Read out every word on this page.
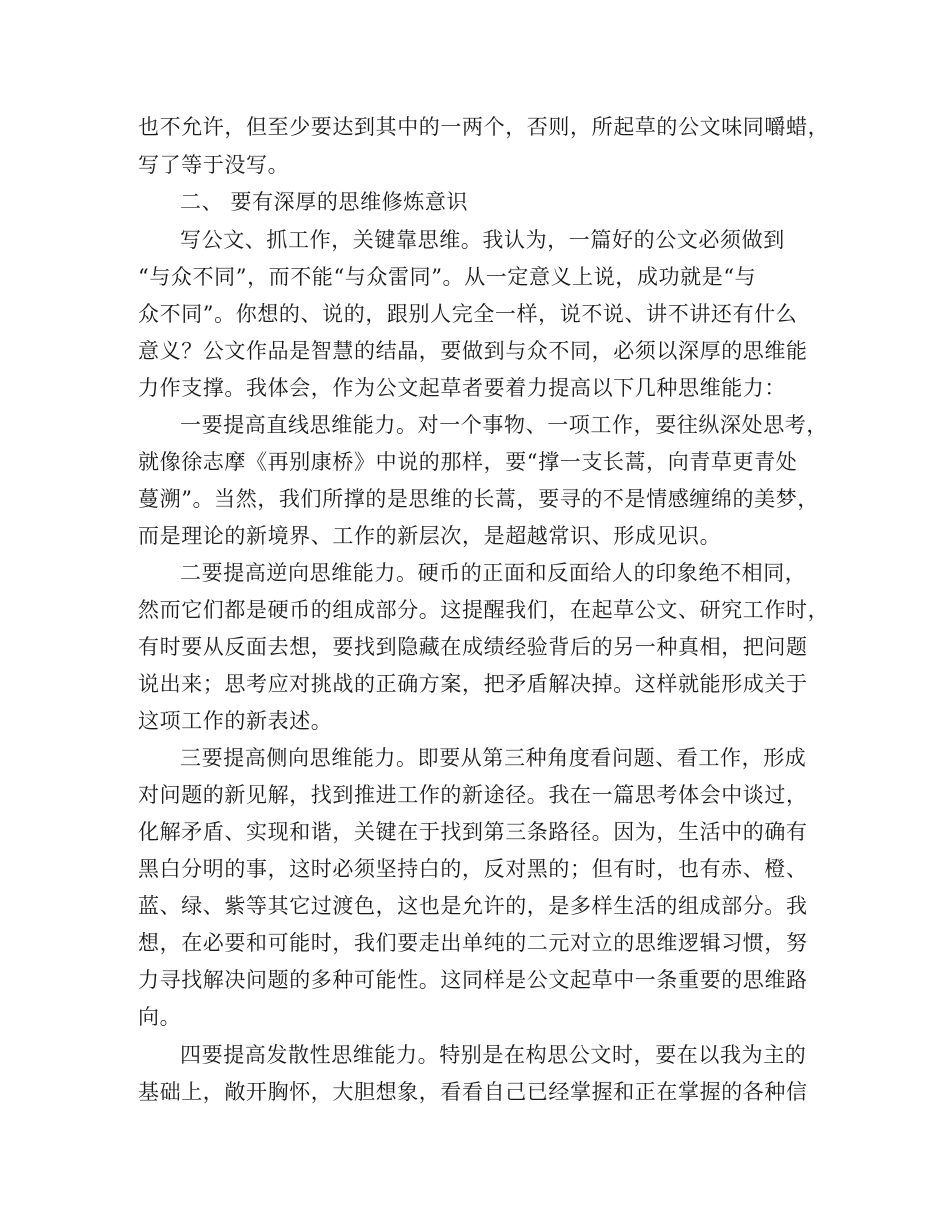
也不允许，但至少要达到其中的一两个，否则，所起草的公文味同嚼蜡，
写了等于没写。
二、 要有深厚的思维修炼意识
写公文、抓工作，关键靠思维。我认为，一篇好的公文必须做到
“与众不同”，而不能“与众雷同”。从一定意义上说，成功就是“与
众不同”。你想的、说的，跟别人完全一样，说不说、讲不讲还有什么
意义？公文作品是智慧的结晶，要做到与众不同，必须以深厚的思维能
力作支撑。我体会，作为公文起草者要着力提高以下几种思维能力：
一要提高直线思维能力。对一个事物、一项工作，要往纵深处思考，
就像徐志摩《再别康桥》中说的那样，要“撑一支长蒿，向青草更青处
蔓溯”。当然，我们所撑的是思维的长蒿，要寻的不是情感缠绵的美梦，
而是理论的新境界、工作的新层次，是超越常识、形成见识。
二要提高逆向思维能力。硬币的正面和反面给人的印象绝不相同，
然而它们都是硬币的组成部分。这提醒我们，在起草公文、研究工作时，
有时要从反面去想，要找到隐藏在成绩经验背后的另一种真相，把问题
说出来；思考应对挑战的正确方案，把矛盾解决掉。这样就能形成关于
这项工作的新表述。
三要提高侧向思维能力。即要从第三种角度看问题、看工作，形成
对问题的新见解，找到推进工作的新途径。我在一篇思考体会中谈过，
化解矛盾、实现和谐，关键在于找到第三条路径。因为，生活中的确有
黑白分明的事，这时必须坚持白的，反对黑的；但有时，也有赤、橙、
蓝、绿、紫等其它过渡色，这也是允许的，是多样生活的组成部分。我
想，在必要和可能时，我们要走出单纯的二元对立的思维逻辑习惯，努
力寻找解决问题的多种可能性。这同样是公文起草中一条重要的思维路
向。
四要提高发散性思维能力。特别是在构思公文时，要在以我为主的
基础上，敞开胸怀，大胆想象，看看自己已经掌握和正在掌握的各种信
